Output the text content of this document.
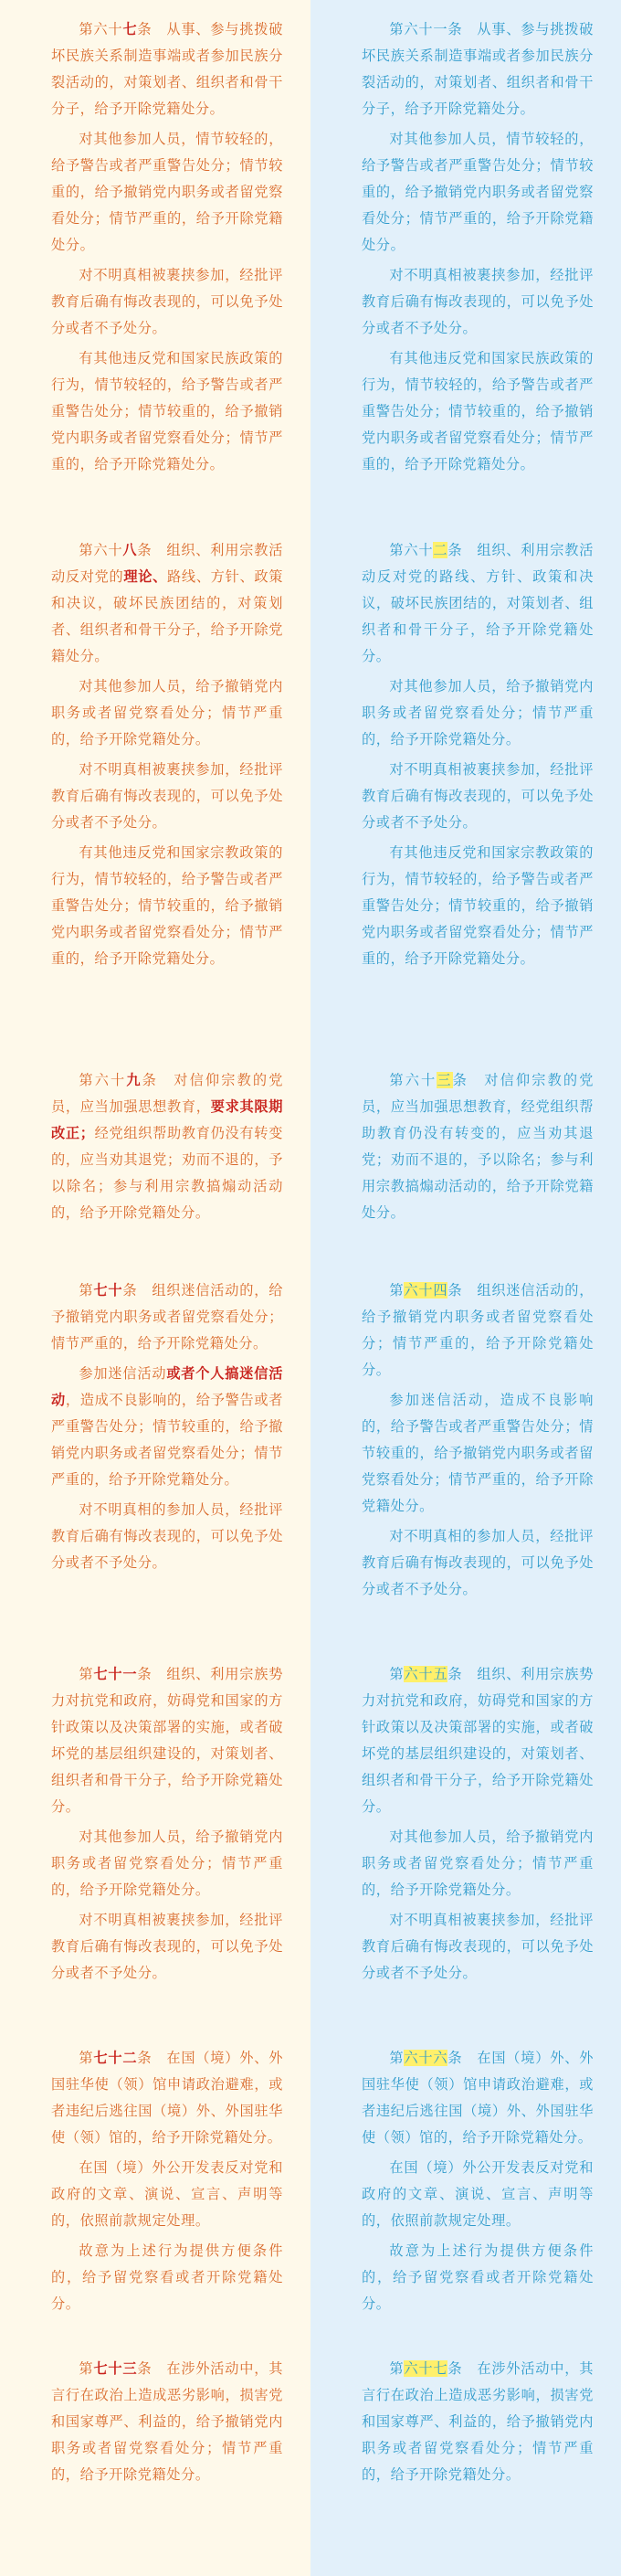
第六十七条　从事、参与挑拨破坏民族关系制造事端或者参加民族分裂活动的，对策划者、组织者和骨干分子，给予开除党籍处分。

对其他参加人员，情节较轻的，给予警告或者严重警告处分；情节较重的，给予撤销党内职务或者留党察看处分；情节严重的，给予开除党籍处分。

对不明真相被裹挟参加，经批评教育后确有悔改表现的，可以免予处分或者不予处分。

有其他违反党和国家民族政策的行为，情节较轻的，给予警告或者严重警告处分；情节较重的，给予撤销党内职务或者留党察看处分；情节严重的，给予开除党籍处分。

第六十八条　组织、利用宗教活动反对党的理论、路线、方针、政策和决议，破坏民族团结的，对策划者、组织者和骨干分子，给予开除党籍处分。

对其他参加人员，给予撤销党内职务或者留党察看处分；情节严重的，给予开除党籍处分。

对不明真相被裹挟参加，经批评教育后确有悔改表现的，可以免予处分或者不予处分。

有其他违反党和国家宗教政策的行为，情节较轻的，给予警告或者严重警告处分；情节较重的，给予撤销党内职务或者留党察看处分；情节严重的，给予开除党籍处分。

第六十九条　对信仰宗教的党员，应当加强思想教育，要求其限期改正；经党组织帮助教育仍没有转变的，应当劝其退党；劝而不退的，予以除名；参与利用宗教搞煽动活动的，给予开除党籍处分。

第七十条　组织迷信活动的，给予撤销党内职务或者留党察看处分；情节严重的，给予开除党籍处分。

参加迷信活动或者个人搞迷信活动，造成不良影响的，给予警告或者严重警告处分；情节较重的，给予撤销党内职务或者留党察看处分；情节严重的，给予开除党籍处分。

对不明真相的参加人员，经批评教育后确有悔改表现的，可以免予处分或者不予处分。

第七十一条　组织、利用宗族势力对抗党和政府，妨碍党和国家的方针政策以及决策部署的实施，或者破坏党的基层组织建设的，对策划者、组织者和骨干分子，给予开除党籍处分。

对其他参加人员，给予撤销党内职务或者留党察看处分；情节严重的，给予开除党籍处分。

对不明真相被裹挟参加，经批评教育后确有悔改表现的，可以免予处分或者不予处分。

第七十二条　在国（境）外、外国驻华使（领）馆申请政治避难，或者违纪后逃往国（境）外、外国驻华使（领）馆的，给予开除党籍处分。

在国（境）外公开发表反对党和政府的文章、演说、宣言、声明等的，依照前款规定处理。

故意为上述行为提供方便条件的，给予留党察看或者开除党籍处分。

第七十三条　在涉外活动中，其言行在政治上造成恶劣影响，损害党和国家尊严、利益的，给予撤销党内职务或者留党察看处分；情节严重的，给予开除党籍处分。

第六十一条　从事、参与挑拨破坏民族关系制造事端或者参加民族分裂活动的，对策划者、组织者和骨干分子，给予开除党籍处分。

对其他参加人员，情节较轻的，给予警告或者严重警告处分；情节较重的，给予撤销党内职务或者留党察看处分；情节严重的，给予开除党籍处分。

对不明真相被裹挟参加，经批评教育后确有悔改表现的，可以免予处分或者不予处分。

有其他违反党和国家民族政策的行为，情节较轻的，给予警告或者严重警告处分；情节较重的，给予撤销党内职务或者留党察看处分；情节严重的，给予开除党籍处分。

第六十二条　组织、利用宗教活动反对党的路线、方针、政策和决议，破坏民族团结的，对策划者、组织者和骨干分子，给予开除党籍处分。

对其他参加人员，给予撤销党内职务或者留党察看处分；情节严重的，给予开除党籍处分。

对不明真相被裹挟参加，经批评教育后确有悔改表现的，可以免予处分或者不予处分。

有其他违反党和国家宗教政策的行为，情节较轻的，给予警告或者严重警告处分；情节较重的，给予撤销党内职务或者留党察看处分；情节严重的，给予开除党籍处分。

第六十三条　对信仰宗教的党员，应当加强思想教育，经党组织帮助教育仍没有转变的，应当劝其退党；劝而不退的，予以除名；参与利用宗教搞煽动活动的，给予开除党籍处分。

第六十四条　组织迷信活动的，给予撤销党内职务或者留党察看处分；情节严重的，给予开除党籍处分。

参加迷信活动，造成不良影响的，给予警告或者严重警告处分；情节较重的，给予撤销党内职务或者留党察看处分；情节严重的，给予开除党籍处分。

对不明真相的参加人员，经批评教育后确有悔改表现的，可以免予处分或者不予处分。

第六十五条　组织、利用宗族势力对抗党和政府，妨碍党和国家的方针政策以及决策部署的实施，或者破坏党的基层组织建设的，对策划者、组织者和骨干分子，给予开除党籍处分。

对其他参加人员，给予撤销党内职务或者留党察看处分；情节严重的，给予开除党籍处分。

对不明真相被裹挟参加，经批评教育后确有悔改表现的，可以免予处分或者不予处分。

第六十六条　在国（境）外、外国驻华使（领）馆申请政治避难，或者违纪后逃往国（境）外、外国驻华使（领）馆的，给予开除党籍处分。

在国（境）外公开发表反对党和政府的文章、演说、宣言、声明等的，依照前款规定处理。

故意为上述行为提供方便条件的，给予留党察看或者开除党籍处分。

第六十七条　在涉外活动中，其言行在政治上造成恶劣影响，损害党和国家尊严、利益的，给予撤销党内职务或者留党察看处分；情节严重的，给予开除党籍处分。
